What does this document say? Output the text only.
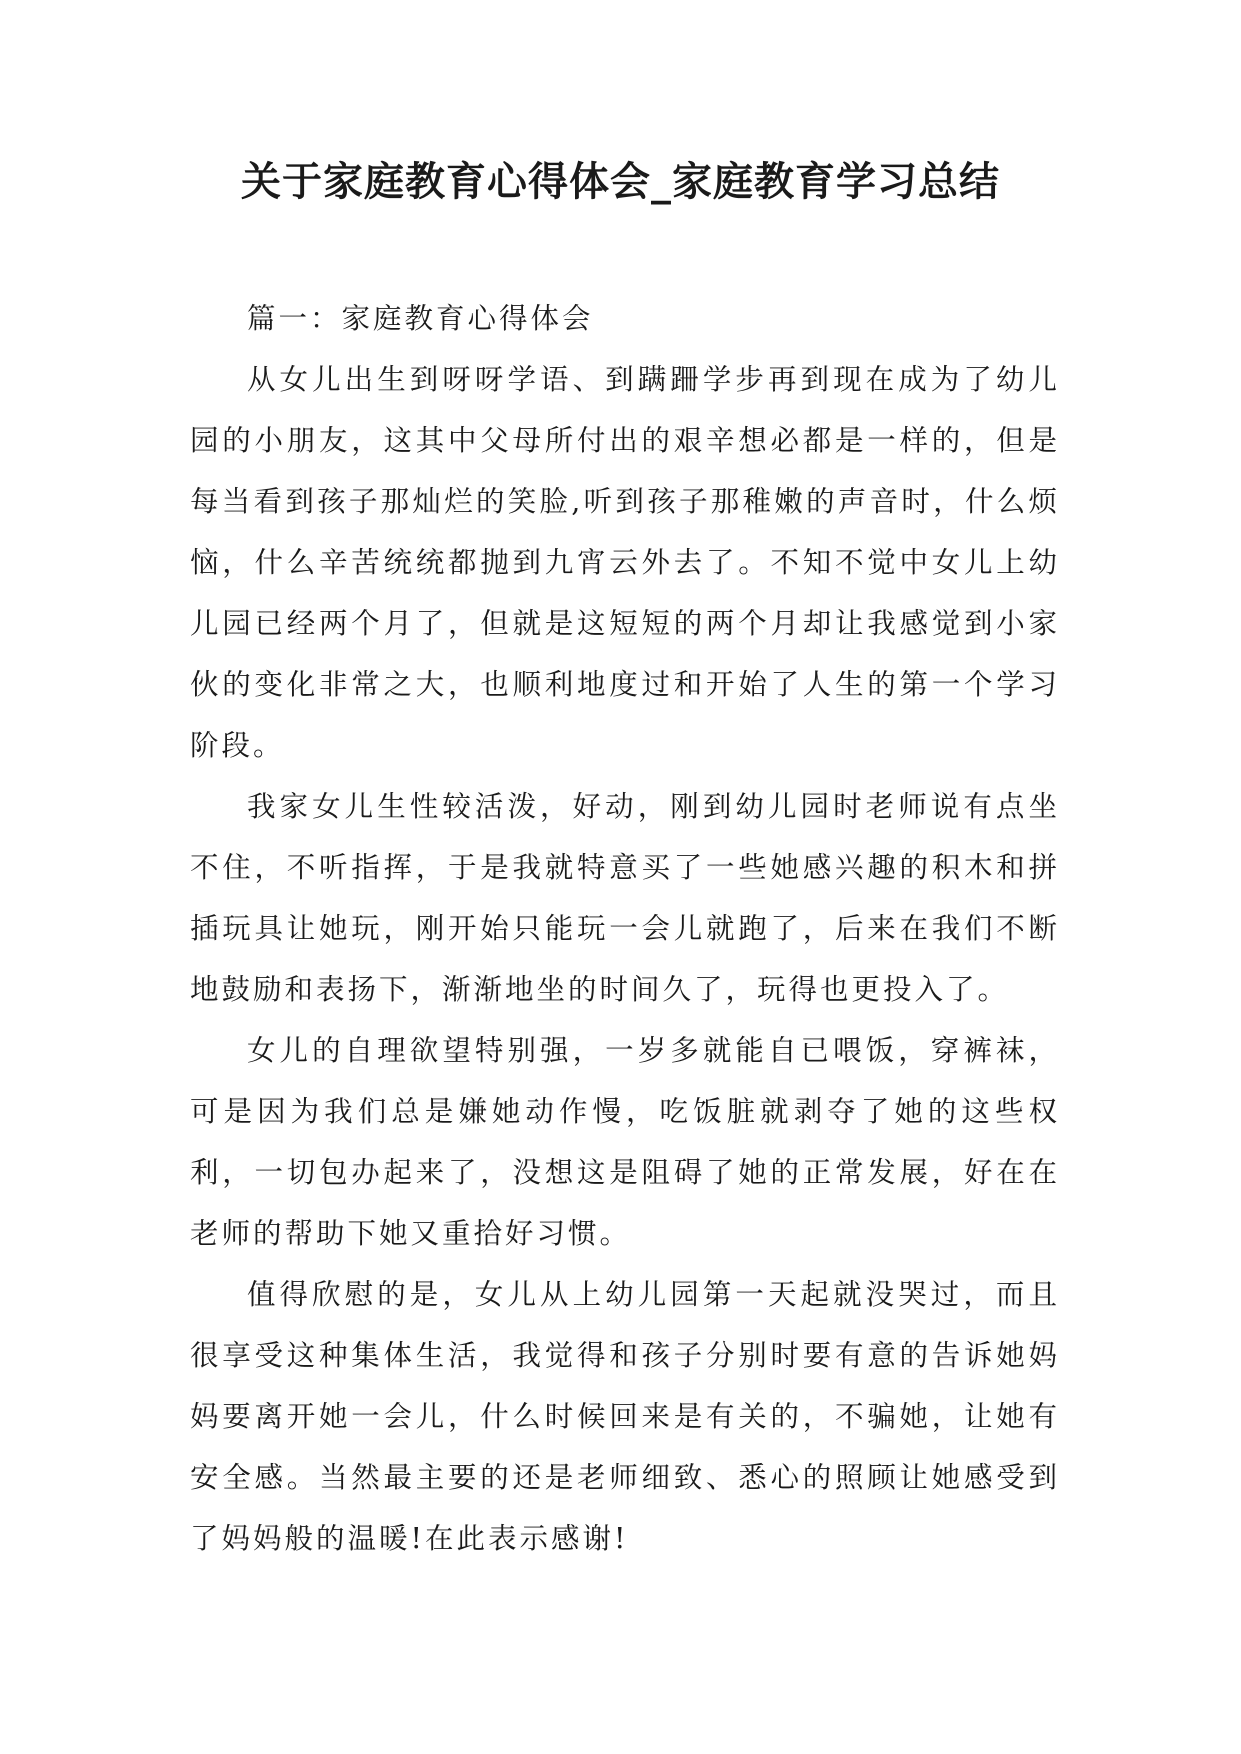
关于家庭教育心得体会_家庭教育学习总结

篇一：家庭教育心得体会

从女儿出生到呀呀学语、到蹒跚学步再到现在成为了幼儿园的小朋友，这其中父母所付出的艰辛想必都是一样的，但是每当看到孩子那灿烂的笑脸,听到孩子那稚嫩的声音时，什么烦恼，什么辛苦统统都抛到九宵云外去了。不知不觉中女儿上幼儿园已经两个月了，但就是这短短的两个月却让我感觉到小家伙的变化非常之大，也顺利地度过和开始了人生的第一个学习阶段。

我家女儿生性较活泼，好动，刚到幼儿园时老师说有点坐不住，不听指挥，于是我就特意买了一些她感兴趣的积木和拼插玩具让她玩，刚开始只能玩一会儿就跑了，后来在我们不断地鼓励和表扬下，渐渐地坐的时间久了，玩得也更投入了。

女儿的自理欲望特别强，一岁多就能自已喂饭，穿裤袜，可是因为我们总是嫌她动作慢，吃饭脏就剥夺了她的这些权利，一切包办起来了，没想这是阻碍了她的正常发展，好在在老师的帮助下她又重拾好习惯。

值得欣慰的是，女儿从上幼儿园第一天起就没哭过，而且很享受这种集体生活，我觉得和孩子分别时要有意的告诉她妈妈要离开她一会儿，什么时候回来是有关的，不骗她，让她有安全感。当然最主要的还是老师细致、悉心的照顾让她感受到了妈妈般的温暖!在此表示感谢!
